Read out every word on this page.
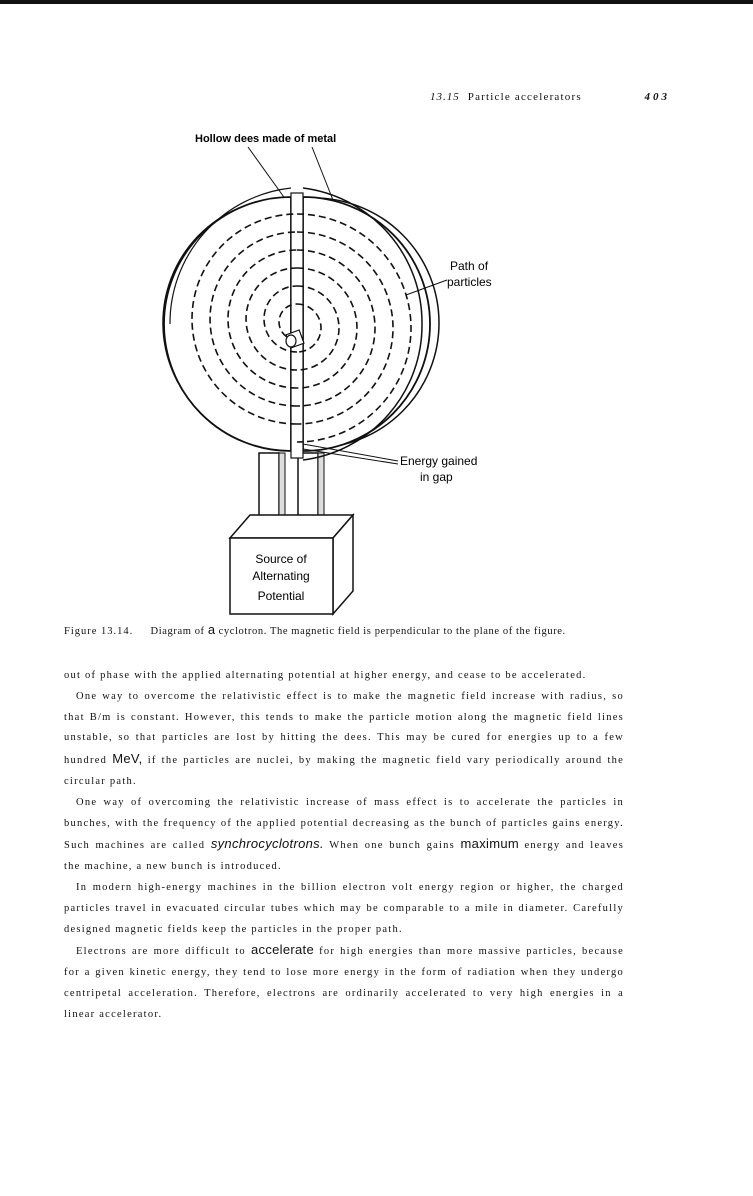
13.15 Particle accelerators	403
Hollow dees made of metal
Path of
particles
Energy gained
in gap
Source of
Alternating
Potential
Figure 13.14. Diagram of a cyclotron. The magnetic field is perpendicular to the plane of the figure.

out of phase with the applied alternating potential at higher energy, and cease to be accelerated.

One way to overcome the relativistic effect is to make the magnetic field increase with radius, so that B/m is constant. However, this tends to make the particle motion along the magnetic field lines unstable, so that particles are lost by hitting the dees. This may be cured for energies up to a few hundred MeV, if the particles are nuclei, by making the magnetic field vary periodically around the circular path.

One way of overcoming the relativistic increase of mass effect is to accelerate the particles in bunches, with the frequency of the applied potential decreasing as the bunch of particles gains energy. Such machines are called synchrocyclotrons. When one bunch gains maximum energy and leaves the machine, a new bunch is introduced.

In modern high-energy machines in the billion electron volt energy region or higher, the charged particles travel in evacuated circular tubes which may be comparable to a mile in diameter. Carefully designed magnetic fields keep the particles in the proper path.

Electrons are more difficult to accelerate for high energies than more massive particles, because for a given kinetic energy, they tend to lose more energy in the form of radiation when they undergo centripetal acceleration. Therefore, electrons are ordinarily accelerated to very high energies in a linear accelerator.
